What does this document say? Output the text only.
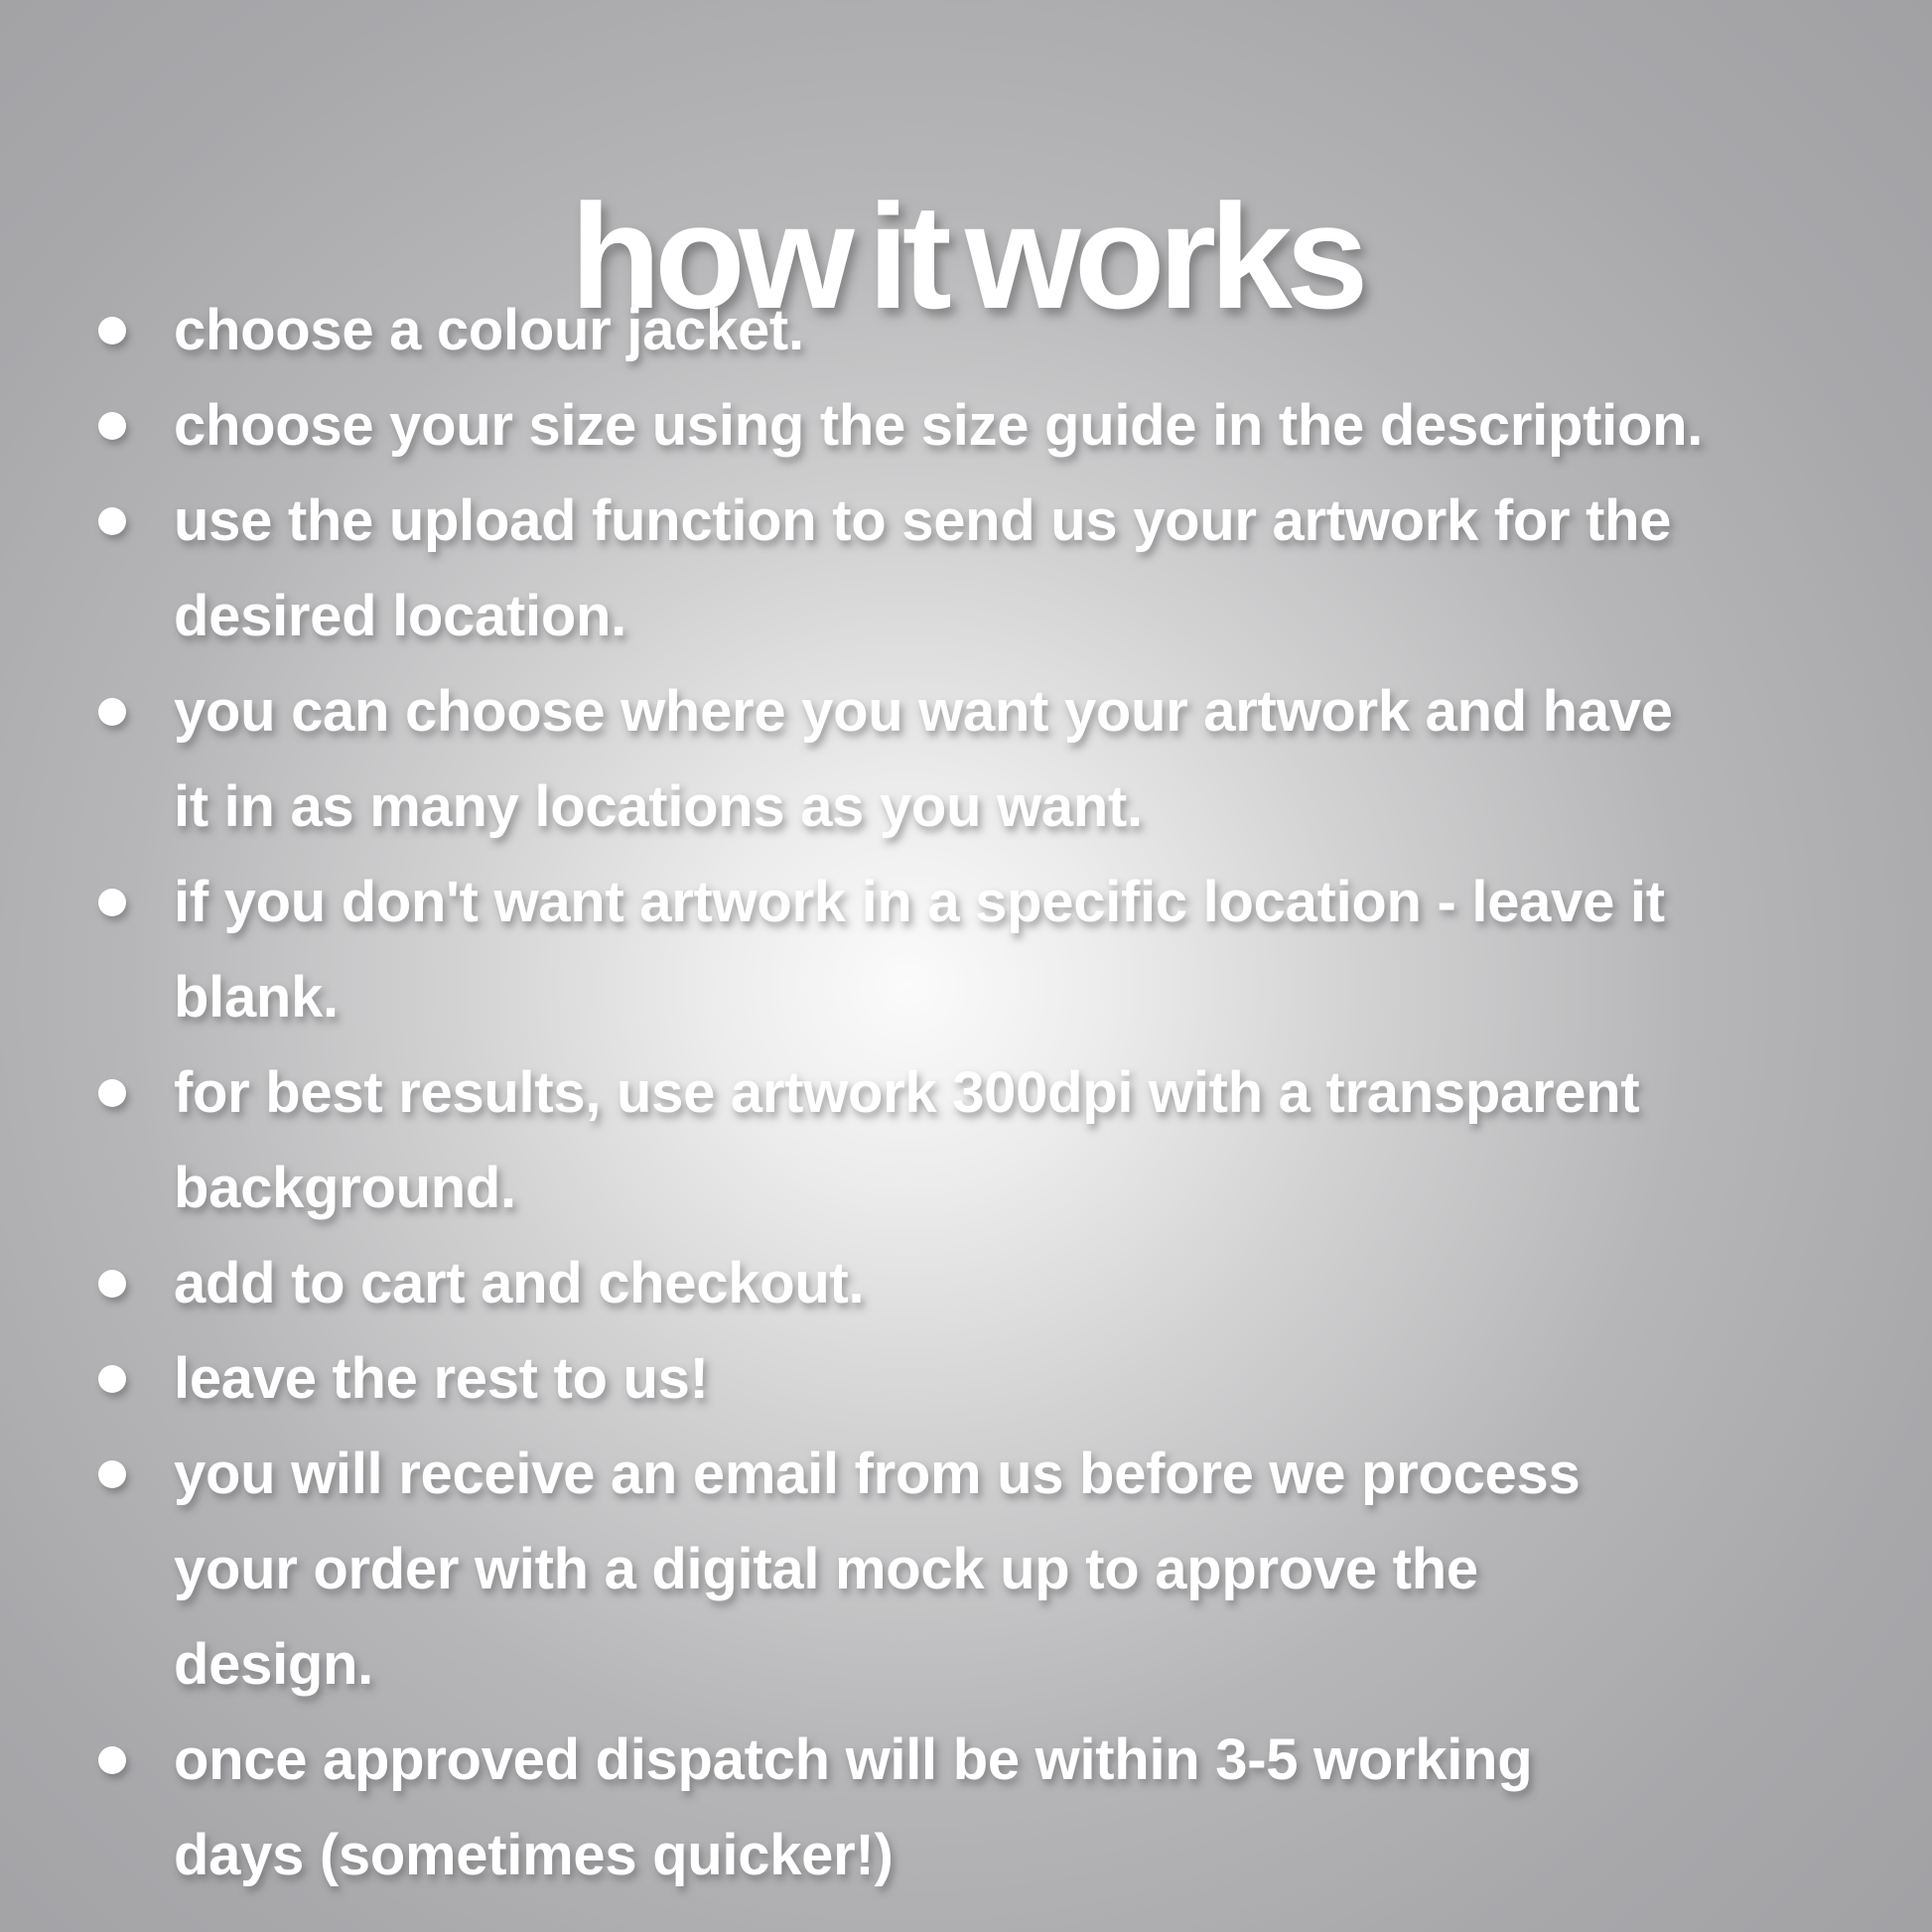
how it works
choose a colour jacket.
choose your size using the size guide in the description.
use the upload function to send us your artwork for the
desired location.
you can choose where you want your artwork and have
it in as many locations as you want.
if you don't want artwork in a specific location - leave it
blank.
for best results, use artwork 300dpi with a transparent
background.
add to cart and checkout.
leave the rest to us!
you will receive an email from us before we process
your order with a digital mock up to approve the
design.
once approved dispatch will be within 3-5 working
days (sometimes quicker!)
